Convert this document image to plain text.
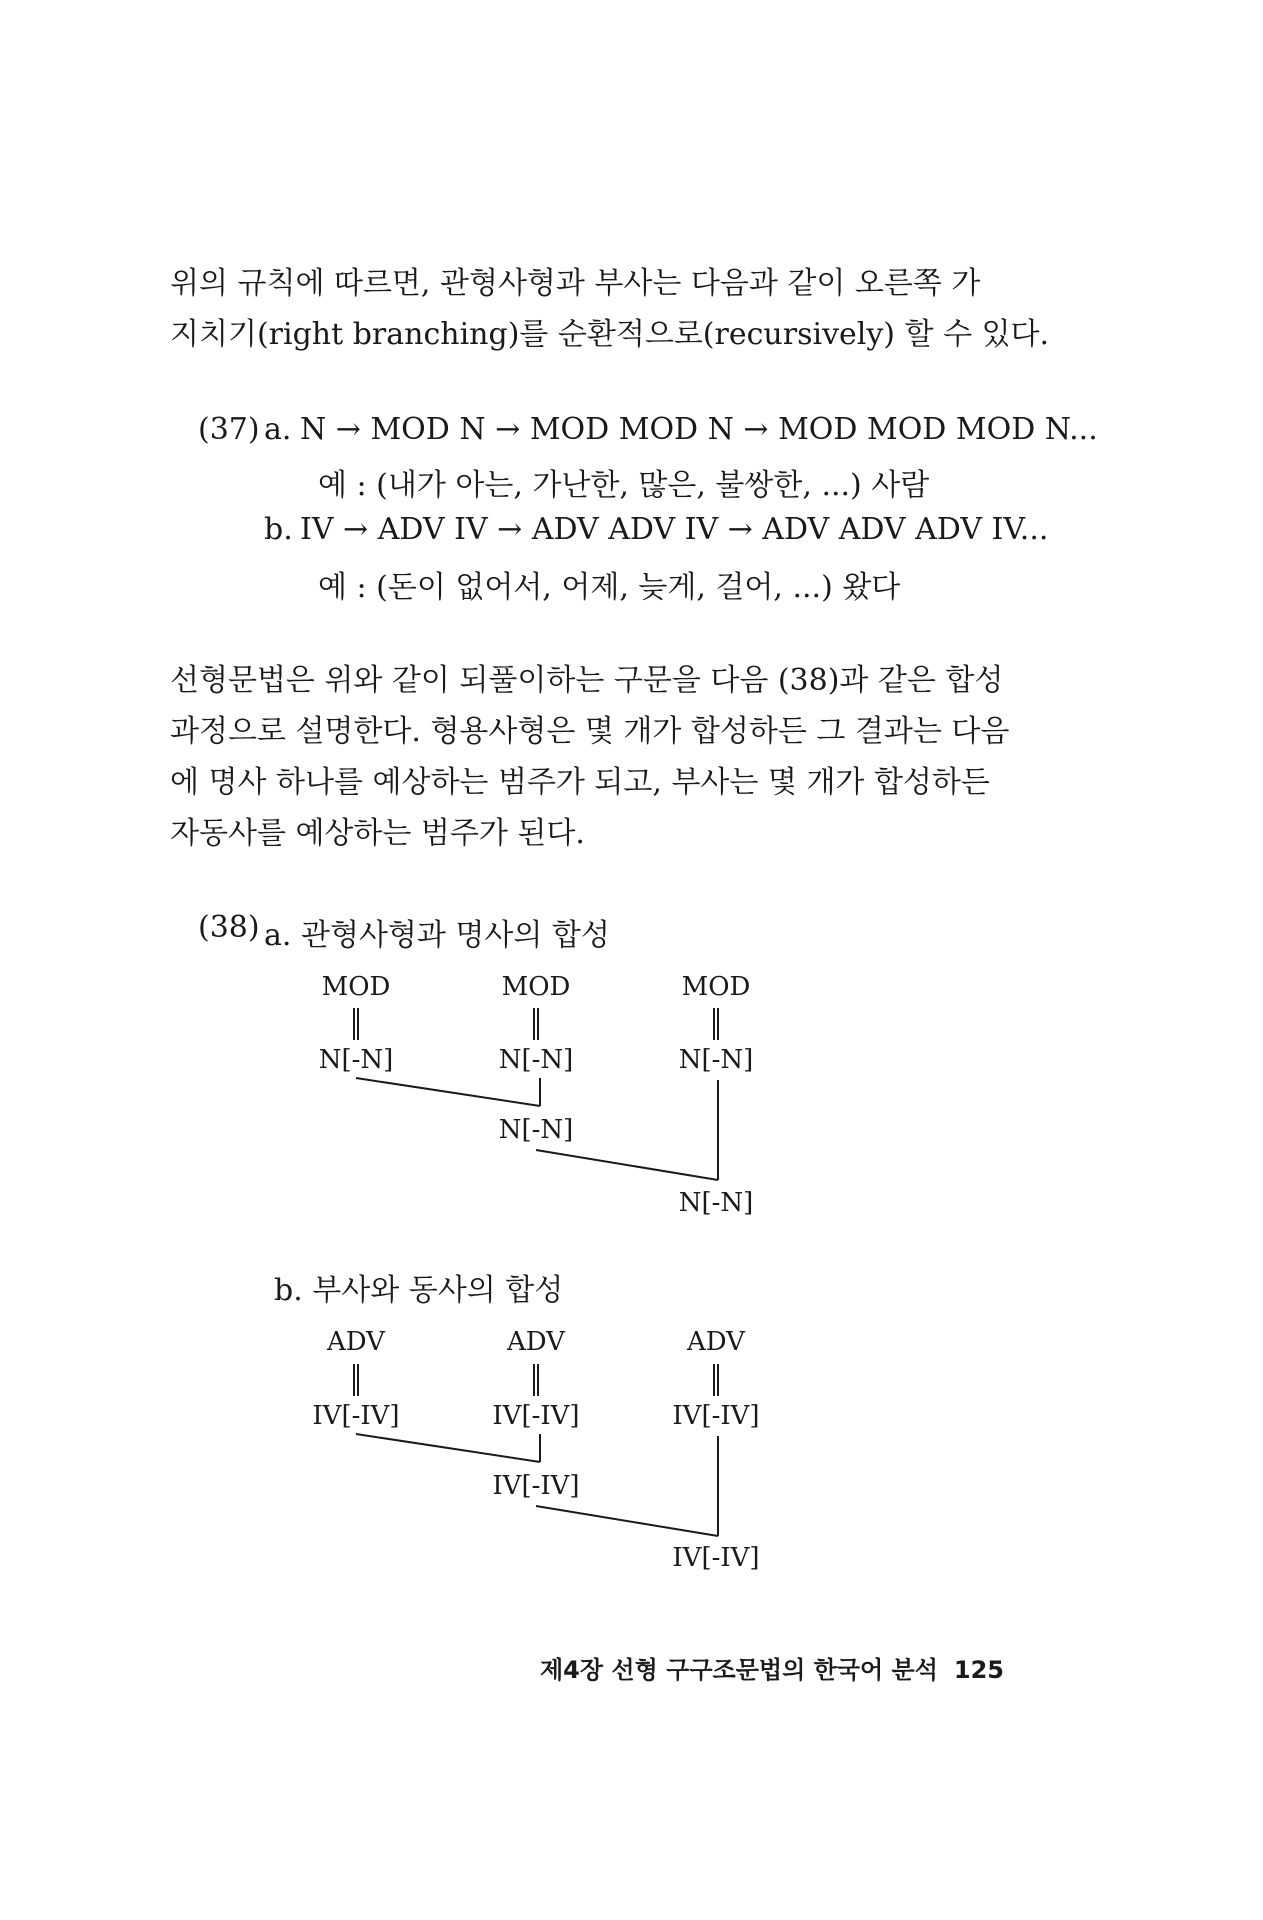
위의 규칙에 따르면, 관형사형과 부사는 다음과 같이 오른쪽 가
지치기(right branching)를 순환적으로(recursively) 할 수 있다.

(37) a. N → MOD N → MOD MOD N → MOD MOD MOD N...
예 : (내가 아는, 가난한, 많은, 불쌍한, ...) 사람
b. IV → ADV IV → ADV ADV IV → ADV ADV ADV IV...
예 : (돈이 없어서, 어제, 늦게, 걸어, ...) 왔다

선형문법은 위와 같이 되풀이하는 구문을 다음 (38)과 같은 합성
과정으로 설명한다. 형용사형은 몇 개가 합성하든 그 결과는 다음
에 명사 하나를 예상하는 범주가 되고, 부사는 몇 개가 합성하든
자동사를 예상하는 범주가 된다.

(38) a. 관형사형과 명사의 합성
b. 부사와 동사의 합성
MOD	MOD	MOD
N[-N]	N[-N]	N[-N]
N[-N]
N[-N]
ADV	ADV	ADV
IV[-IV]	IV[-IV]	IV[-IV]
IV[-IV]
IV[-IV]
제4장 선형 구구조문법의 한국어 분석 125
